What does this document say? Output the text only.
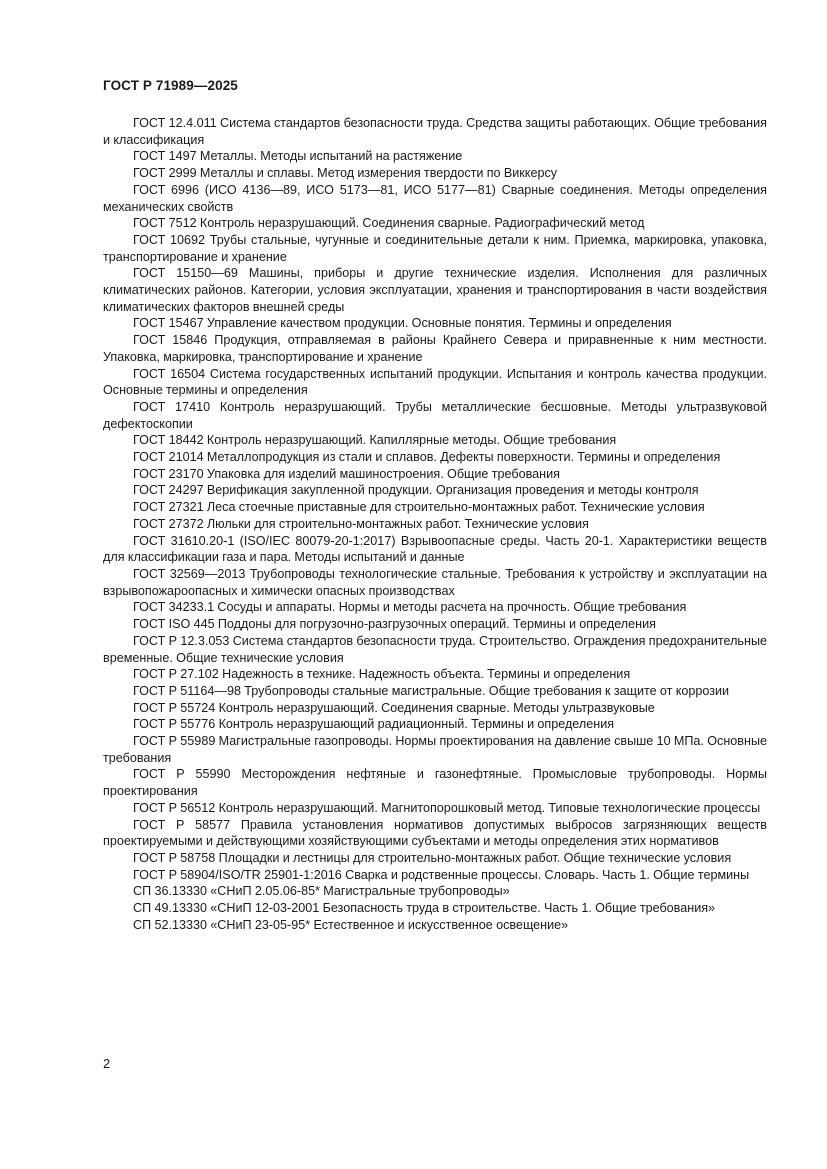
ГОСТ Р 71989—2025

ГОСТ 12.4.011 Система стандартов безопасности труда. Средства защиты работающих. Общие требования и классификация

ГОСТ 1497 Металлы. Методы испытаний на растяжение

ГОСТ 2999 Металлы и сплавы. Метод измерения твердости по Виккерсу

ГОСТ 6996 (ИСО 4136—89, ИСО 5173—81, ИСО 5177—81) Сварные соединения. Методы определения механических свойств

ГОСТ 7512 Контроль неразрушающий. Соединения сварные. Радиографический метод

ГОСТ 10692 Трубы стальные, чугунные и соединительные детали к ним. Приемка, маркировка, упаковка, транспортирование и хранение

ГОСТ 15150—69 Машины, приборы и другие технические изделия. Исполнения для различных климатических районов. Категории, условия эксплуатации, хранения и транспортирования в части воздействия климатических факторов внешней среды

ГОСТ 15467 Управление качеством продукции. Основные понятия. Термины и определения

ГОСТ 15846 Продукция, отправляемая в районы Крайнего Севера и приравненные к ним местности. Упаковка, маркировка, транспортирование и хранение

ГОСТ 16504 Система государственных испытаний продукции. Испытания и контроль качества продукции. Основные термины и определения

ГОСТ 17410 Контроль неразрушающий. Трубы металлические бесшовные. Методы ультразвуковой дефектоскопии

ГОСТ 18442 Контроль неразрушающий. Капиллярные методы. Общие требования

ГОСТ 21014 Металлопродукция из стали и сплавов. Дефекты поверхности. Термины и определения

ГОСТ 23170 Упаковка для изделий машиностроения. Общие требования

ГОСТ 24297 Верификация закупленной продукции. Организация проведения и методы контроля

ГОСТ 27321 Леса стоечные приставные для строительно-монтажных работ. Технические условия

ГОСТ 27372 Люльки для строительно-монтажных работ. Технические условия

ГОСТ 31610.20-1 (ISO/IEC 80079-20-1:2017) Взрывоопасные среды. Часть 20-1. Характеристики веществ для классификации газа и пара. Методы испытаний и данные

ГОСТ 32569—2013 Трубопроводы технологические стальные. Требования к устройству и эксплуатации на взрывопожароопасных и химически опасных производствах

ГОСТ 34233.1 Сосуды и аппараты. Нормы и методы расчета на прочность. Общие требования

ГОСТ ISO 445 Поддоны для погрузочно-разгрузочных операций. Термины и определения

ГОСТ Р 12.3.053 Система стандартов безопасности труда. Строительство. Ограждения предохранительные временные. Общие технические условия

ГОСТ Р 27.102 Надежность в технике. Надежность объекта. Термины и определения

ГОСТ Р 51164—98 Трубопроводы стальные магистральные. Общие требования к защите от коррозии

ГОСТ Р 55724 Контроль неразрушающий. Соединения сварные. Методы ультразвуковые

ГОСТ Р 55776 Контроль неразрушающий радиационный. Термины и определения

ГОСТ Р 55989 Магистральные газопроводы. Нормы проектирования на давление свыше 10 МПа. Основные требования

ГОСТ Р 55990 Месторождения нефтяные и газонефтяные. Промысловые трубопроводы. Нормы проектирования

ГОСТ Р 56512 Контроль неразрушающий. Магнитопорошковый метод. Типовые технологические процессы

ГОСТ Р 58577 Правила установления нормативов допустимых выбросов загрязняющих веществ проектируемыми и действующими хозяйствующими субъектами и методы определения этих нормативов

ГОСТ Р 58758 Площадки и лестницы для строительно-монтажных работ. Общие технические условия

ГОСТ Р 58904/ISO/TR 25901-1:2016 Сварка и родственные процессы. Словарь. Часть 1. Общие термины

СП 36.13330 «СНиП 2.05.06-85* Магистральные трубопроводы»

СП 49.13330 «СНиП 12-03-2001 Безопасность труда в строительстве. Часть 1. Общие требования»

СП 52.13330 «СНиП 23-05-95* Естественное и искусственное освещение»

2
